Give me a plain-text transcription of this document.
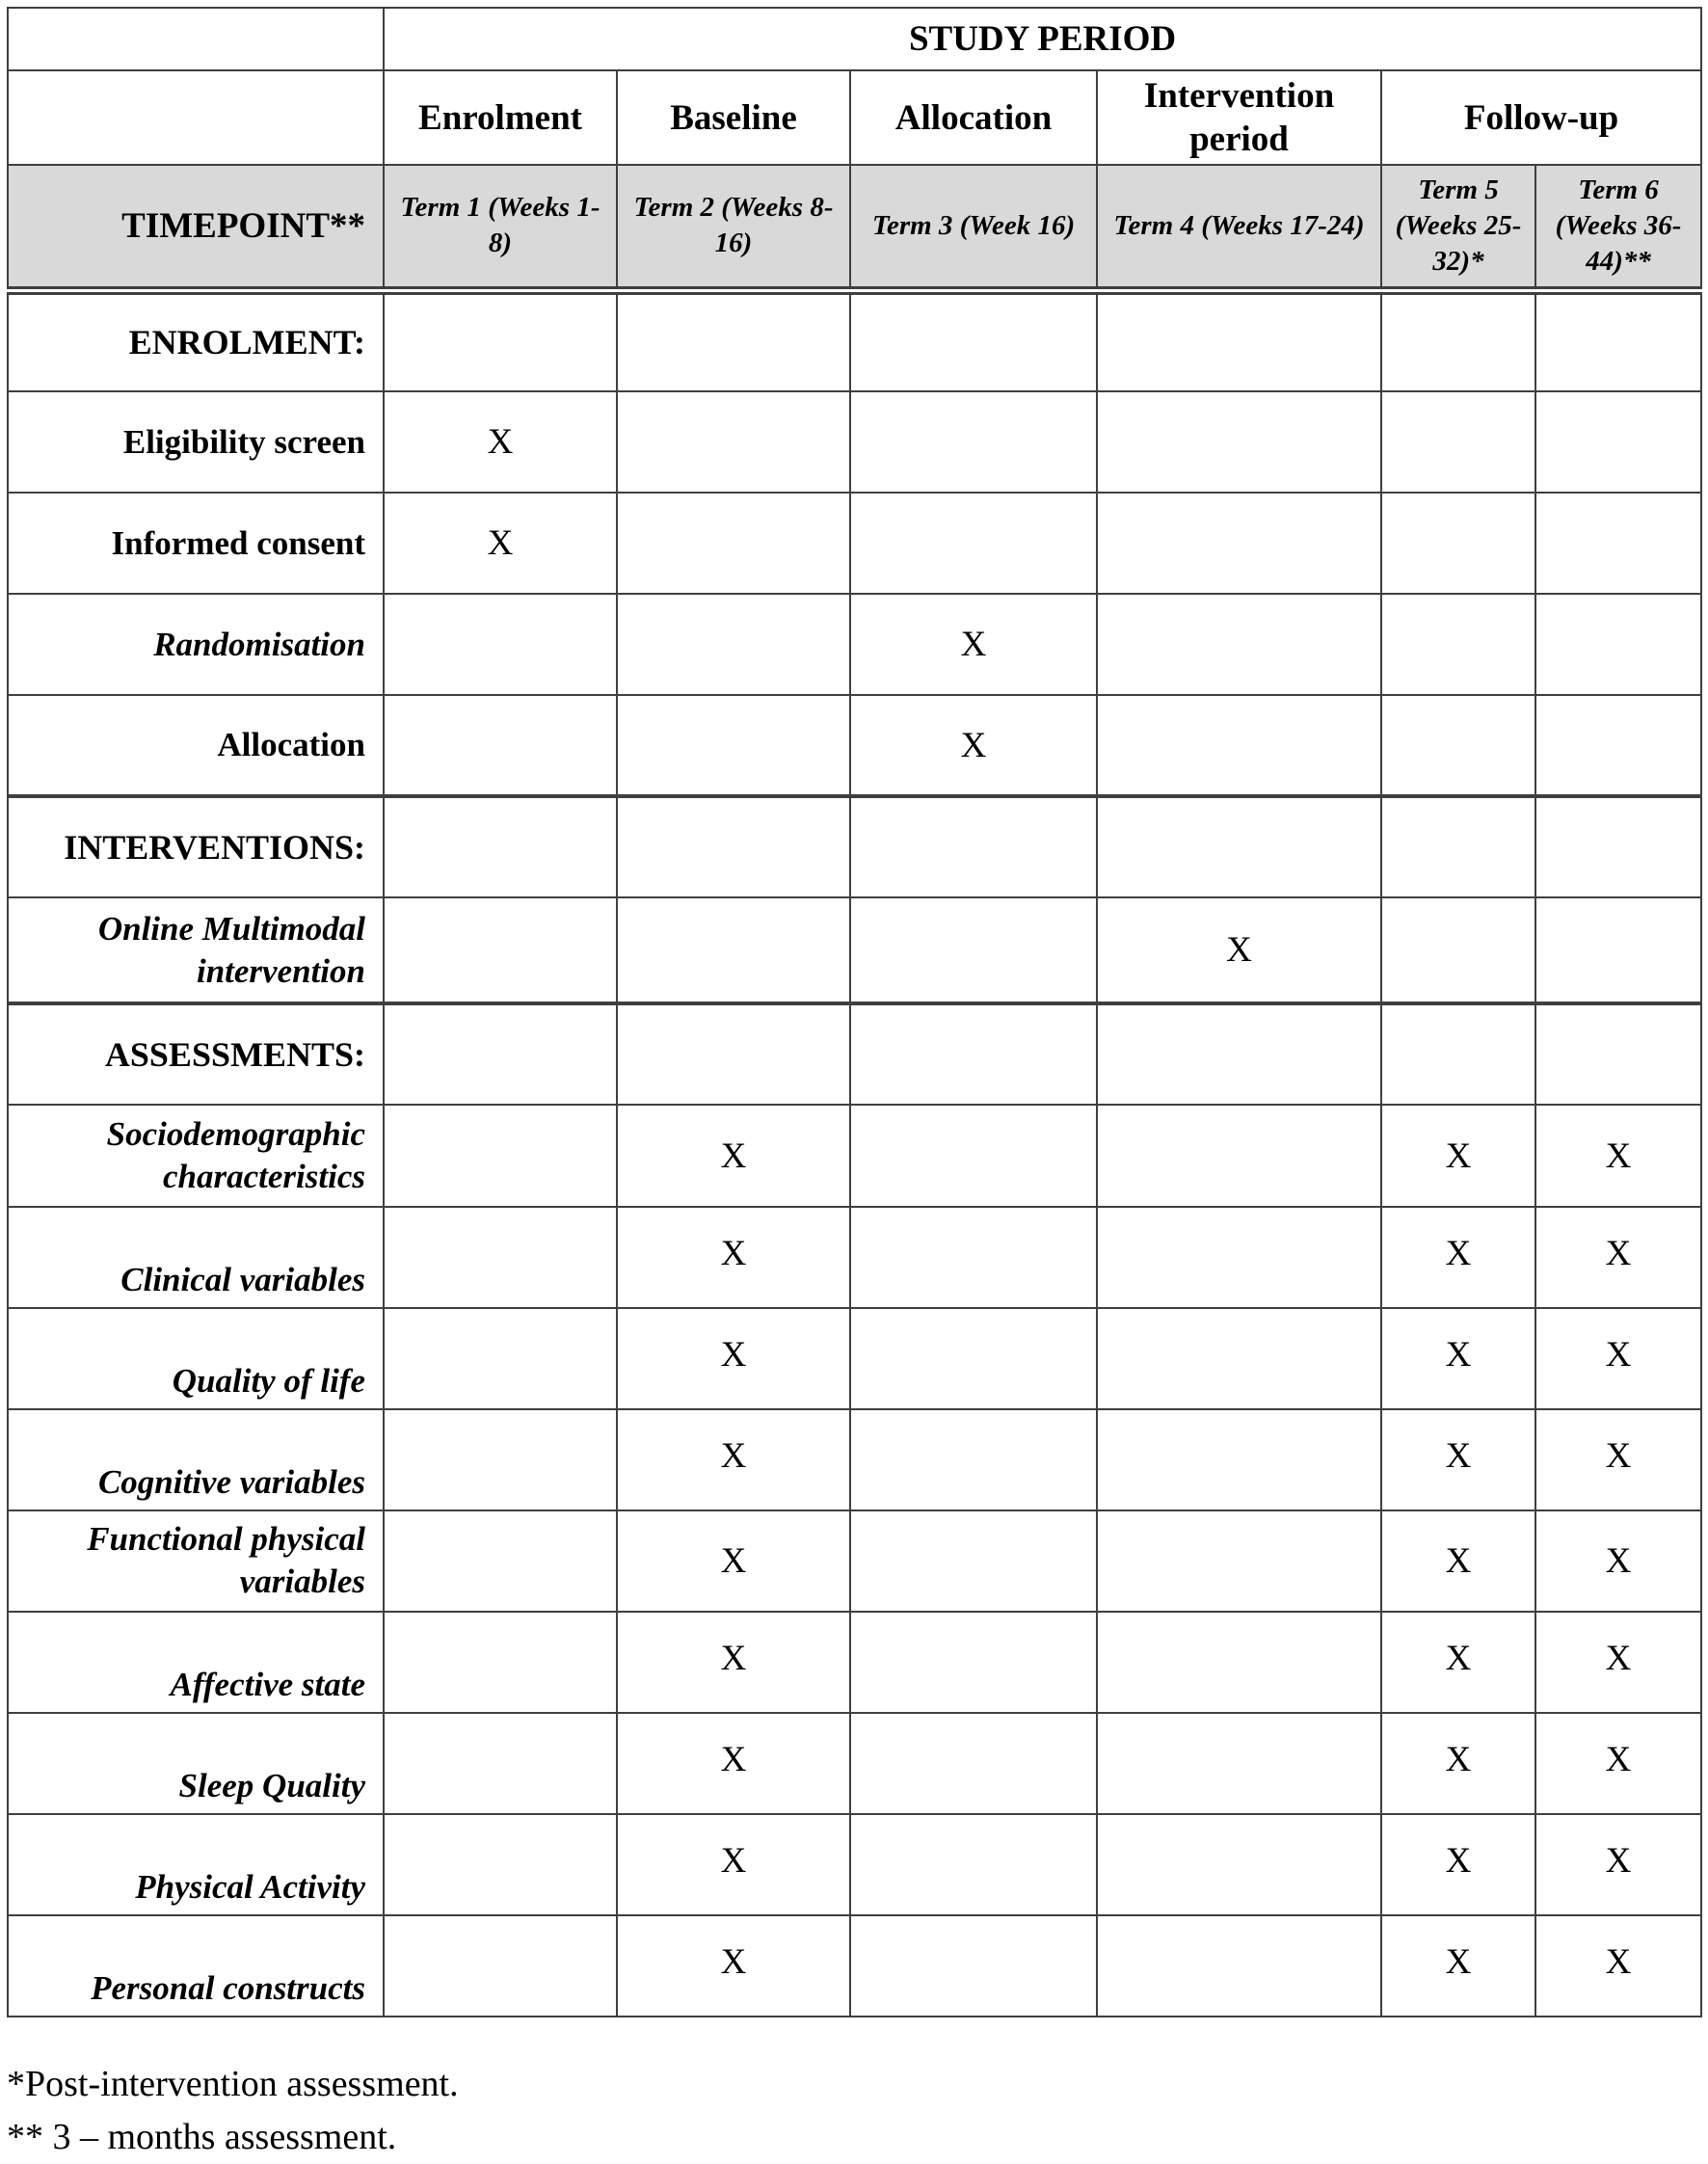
	STUDY PERIOD					
	Enrolment	Baseline	Allocation	Intervention period	Follow-up	
TIMEPOINT**	Term 1 (Weeks 1-8)	Term 2 (Weeks 8-16)	Term 3 (Week 16)	Term 4 (Weeks 17-24)	Term 5 (Weeks 25-32)*	Term 6 (Weeks 36-44)**
ENROLMENT:						
Eligibility screen	X					
Informed consent	X					
Randomisation			X			
Allocation			X			
INTERVENTIONS:						
Online Multimodal intervention				X		
ASSESSMENTS:						
Sociodemographic characteristics		X			X	X
Clinical variables		X			X	X
Quality of life		X			X	X
Cognitive variables		X			X	X
Functional physical variables		X			X	X
Affective state		X			X	X
Sleep Quality		X			X	X
Physical Activity		X			X	X
Personal constructs		X			X	X
*Post-intervention assessment.
** 3 – months assessment.
